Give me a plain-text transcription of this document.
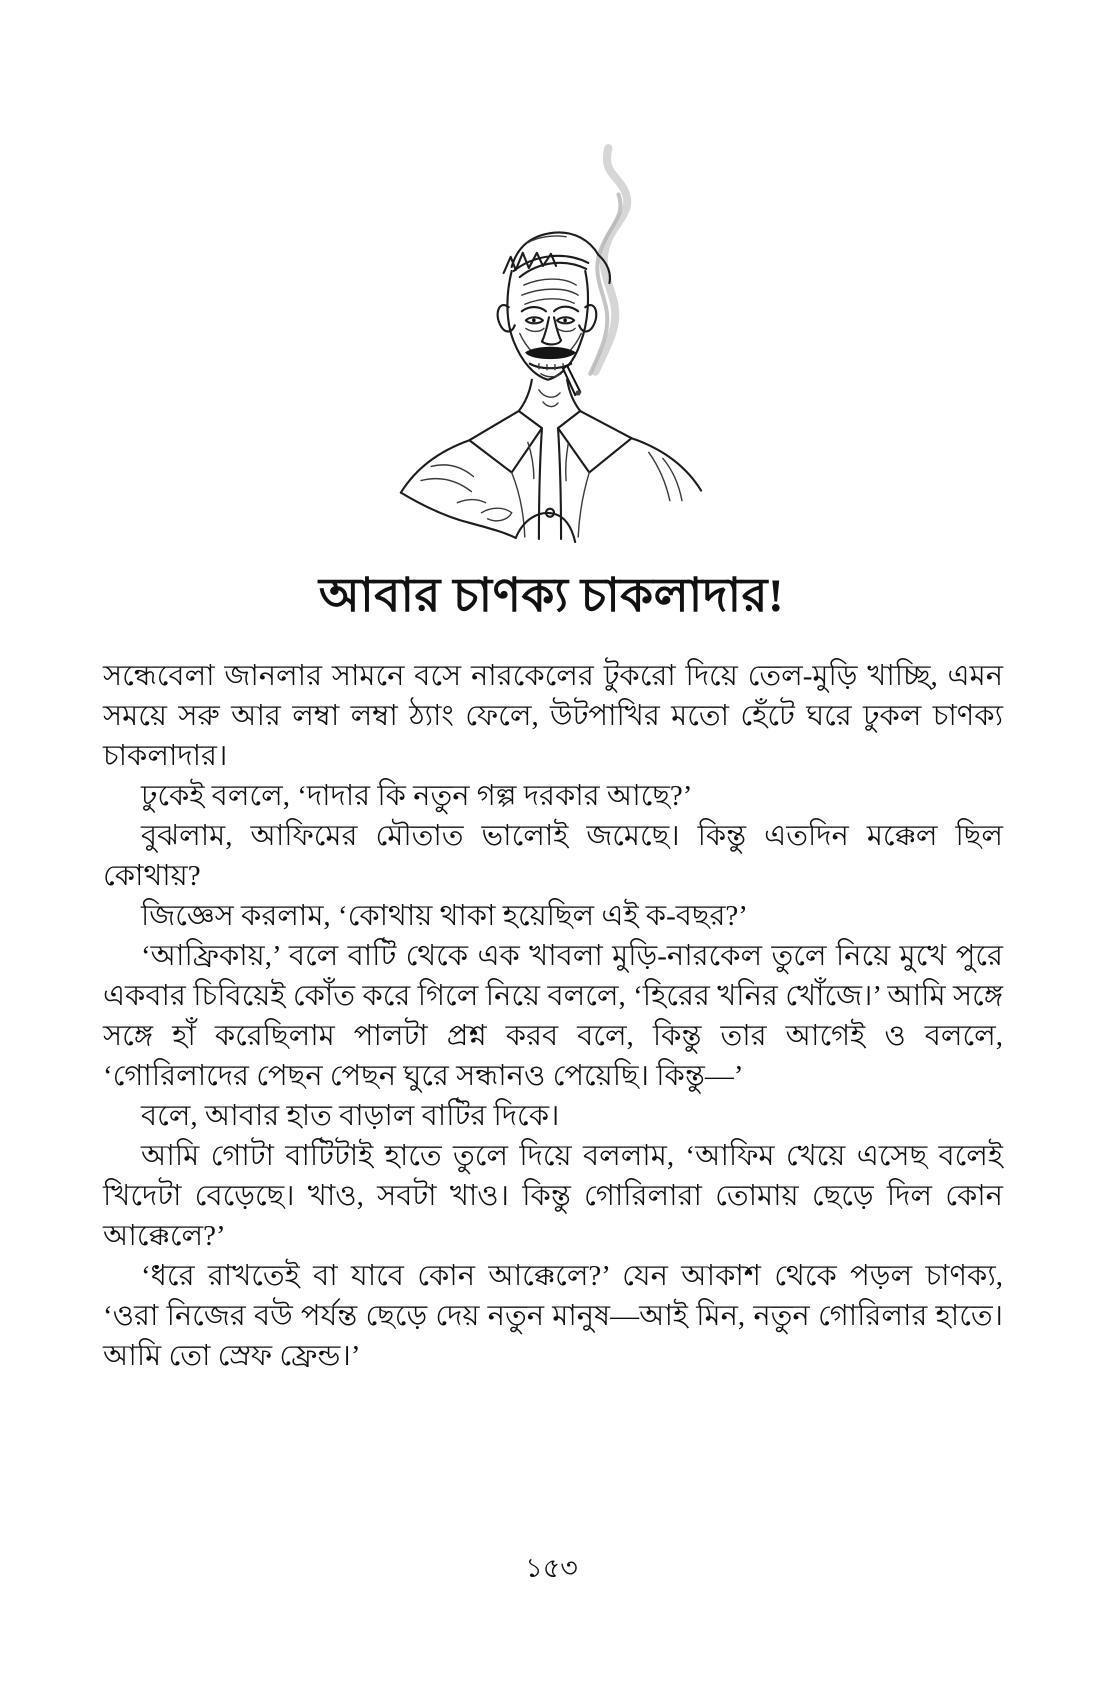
আবার চাণক্য চাকলাদার!

সন্ধেবেলা জানলার সামনে বসে নারকেলের টুকরো দিয়ে তেল-মুড়ি খাচ্ছি, এমন সময়ে সরু আর লম্বা লম্বা ঠ্যাং ফেলে, উটপাখির মতো হেঁটে ঘরে ঢুকল চাণক্য চাকলাদার।

ঢুকেই বললে, ‘দাদার কি নতুন গল্প দরকার আছে?’

বুঝলাম, আফিমের মৌতাত ভালোই জমেছে। কিন্তু এতদিন মক্কেল ছিল কোথায়?

জিজ্ঞেস করলাম, ‘কোথায় থাকা হয়েছিল এই ক-বছর?’

‘আফ্রিকায়,’ বলে বাটি থেকে এক খাবলা মুড়ি-নারকেল তুলে নিয়ে মুখে পুরে একবার চিবিয়েই কোঁত করে গিলে নিয়ে বললে, ‘হিরের খনির খোঁজে।’ আমি সঙ্গে সঙ্গে হাঁ করেছিলাম পালটা প্রশ্ন করব বলে, কিন্তু তার আগেই ও বললে, ‘গোরিলাদের পেছন পেছন ঘুরে সন্ধানও পেয়েছি। কিন্তু—’

বলে, আবার হাত বাড়াল বাটির দিকে।

আমি গোটা বাটিটাই হাতে তুলে দিয়ে বললাম, ‘আফিম খেয়ে এসেছ বলেই খিদেটা বেড়েছে। খাও, সবটা খাও। কিন্তু গোরিলারা তোমায় ছেড়ে দিল কোন আক্কেলে?’

‘ধরে রাখতেই বা যাবে কোন আক্কেলে?’ যেন আকাশ থেকে পড়ল চাণক্য, ‘ওরা নিজের বউ পর্যন্ত ছেড়ে দেয় নতুন মানুষ—আই মিন, নতুন গোরিলার হাতে। আমি তো স্রেফ ফ্রেন্ড।’

১৫৩
